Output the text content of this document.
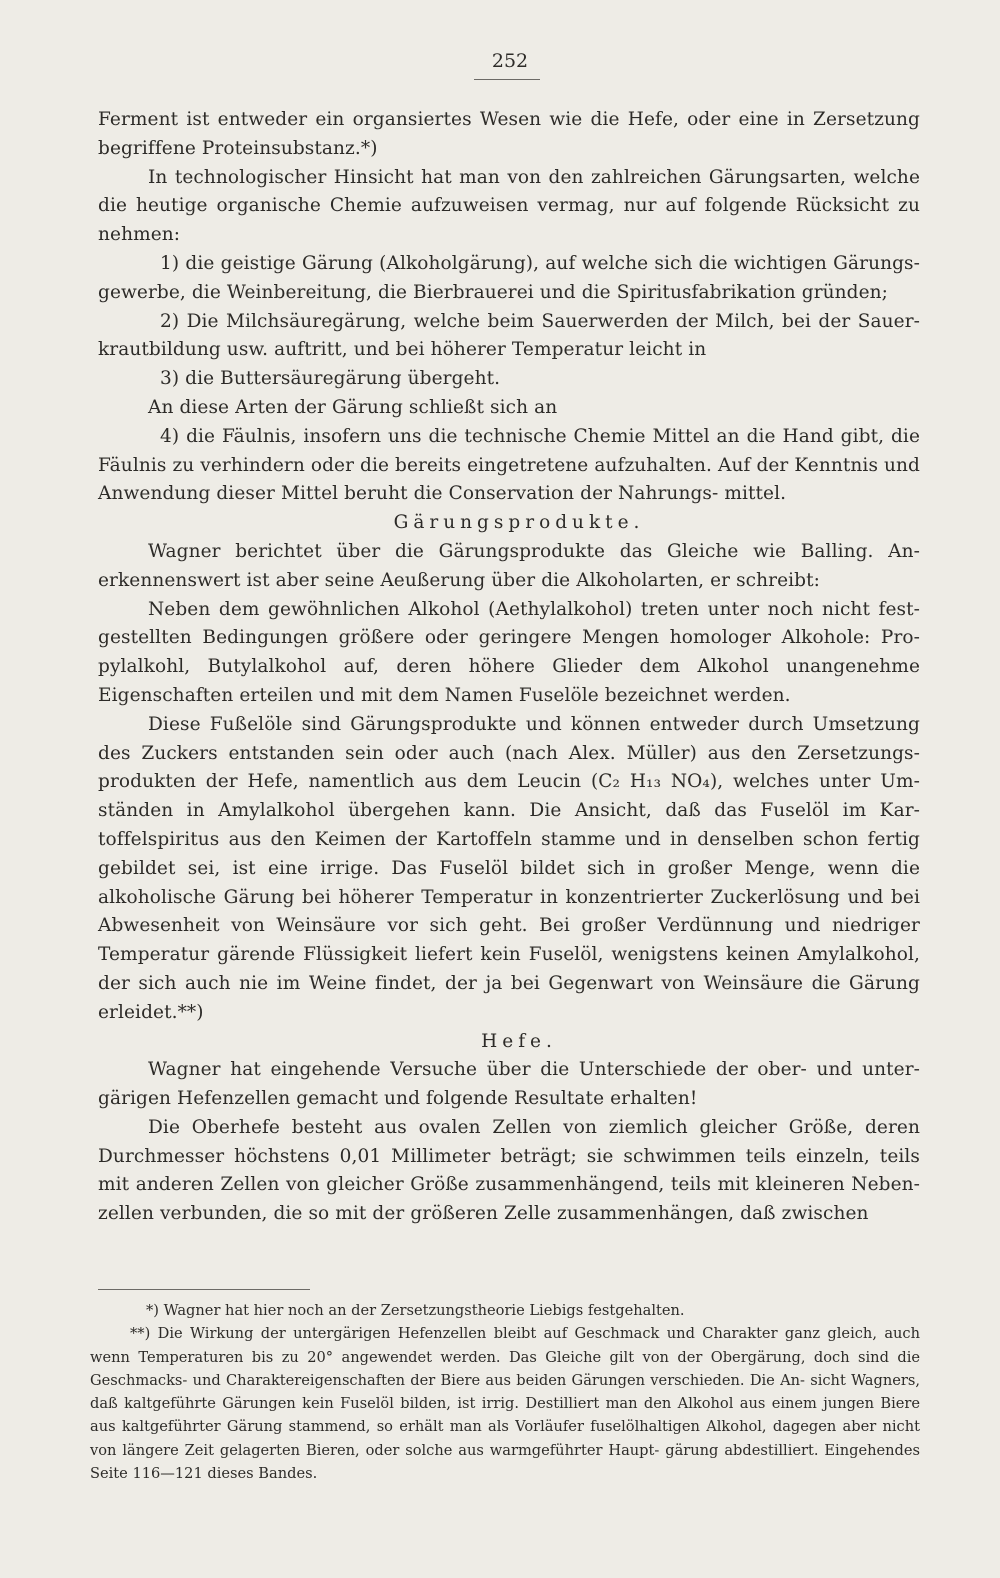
252

Ferment ist entweder ein organsiertes Wesen wie die Hefe, oder eine in Zersetzung begriffene Proteinsubstanz.*)

In technologischer Hinsicht hat man von den zahlreichen Gärungsarten, welche die heutige organische Chemie aufzuweisen vermag, nur auf folgende Rücksicht zu nehmen:

1) die geistige Gärung (Alkoholgärung), auf welche sich die wichtigen Gärungs- gewerbe, die Weinbereitung, die Bierbrauerei und die Spiritusfabrikation gründen;

2) Die Milchsäuregärung, welche beim Sauerwerden der Milch, bei der Sauer- krautbildung usw. auftritt, und bei höherer Temperatur leicht in

3) die Buttersäuregärung übergeht.

An diese Arten der Gärung schließt sich an

4) die Fäulnis, insofern uns die technische Chemie Mittel an die Hand gibt, die Fäulnis zu verhindern oder die bereits eingetretene aufzuhalten. Auf der Kenntnis und Anwendung dieser Mittel beruht die Conservation der Nahrungs- mittel.

Gärungsprodukte.

Wagner berichtet über die Gärungsprodukte das Gleiche wie Balling. An- erkennenswert ist aber seine Aeußerung über die Alkoholarten, er schreibt:

Neben dem gewöhnlichen Alkohol (Aethylalkohol) treten unter noch nicht fest- gestellten Bedingungen größere oder geringere Mengen homologer Alkohole: Pro- pylalkohl, Butylalkohol auf, deren höhere Glieder dem Alkohol unangenehme Eigenschaften erteilen und mit dem Namen Fuselöle bezeichnet werden.

Diese Fußelöle sind Gärungsprodukte und können entweder durch Umsetzung des Zuckers entstanden sein oder auch (nach Alex. Müller) aus den Zersetzungs- produkten der Hefe, namentlich aus dem Leucin (C₂ H₁₃ NO₄), welches unter Um- ständen in Amylalkohol übergehen kann. Die Ansicht, daß das Fuselöl im Kar- toffelspiritus aus den Keimen der Kartoffeln stamme und in denselben schon fertig gebildet sei, ist eine irrige. Das Fuselöl bildet sich in großer Menge, wenn die alkoholische Gärung bei höherer Temperatur in konzentrierter Zuckerlösung und bei Abwesenheit von Weinsäure vor sich geht. Bei großer Verdünnung und niedriger Temperatur gärende Flüssigkeit liefert kein Fuselöl, wenigstens keinen Amylalkohol, der sich auch nie im Weine findet, der ja bei Gegenwart von Weinsäure die Gärung erleidet.**)

Hefe.

Wagner hat eingehende Versuche über die Unterschiede der ober- und unter- gärigen Hefenzellen gemacht und folgende Resultate erhalten!

Die Oberhefe besteht aus ovalen Zellen von ziemlich gleicher Größe, deren Durchmesser höchstens 0,01 Millimeter beträgt; sie schwimmen teils einzeln, teils mit anderen Zellen von gleicher Größe zusammenhängend, teils mit kleineren Neben- zellen verbunden, die so mit der größeren Zelle zusammenhängen, daß zwischen

*) Wagner hat hier noch an der Zersetzungstheorie Liebigs festgehalten.

**) Die Wirkung der untergärigen Hefenzellen bleibt auf Geschmack und Charakter ganz gleich, auch wenn Temperaturen bis zu 20° angewendet werden. Das Gleiche gilt von der Obergärung, doch sind die Geschmacks- und Charaktereigenschaften der Biere aus beiden Gärungen verschieden. Die An- sicht Wagners, daß kaltgeführte Gärungen kein Fuselöl bilden, ist irrig. Destilliert man den Alkohol aus einem jungen Biere aus kaltgeführter Gärung stammend, so erhält man als Vorläufer fuselölhaltigen Alkohol, dagegen aber nicht von längere Zeit gelagerten Bieren, oder solche aus warmgeführter Haupt- gärung abdestilliert. Eingehendes Seite 116—121 dieses Bandes.
